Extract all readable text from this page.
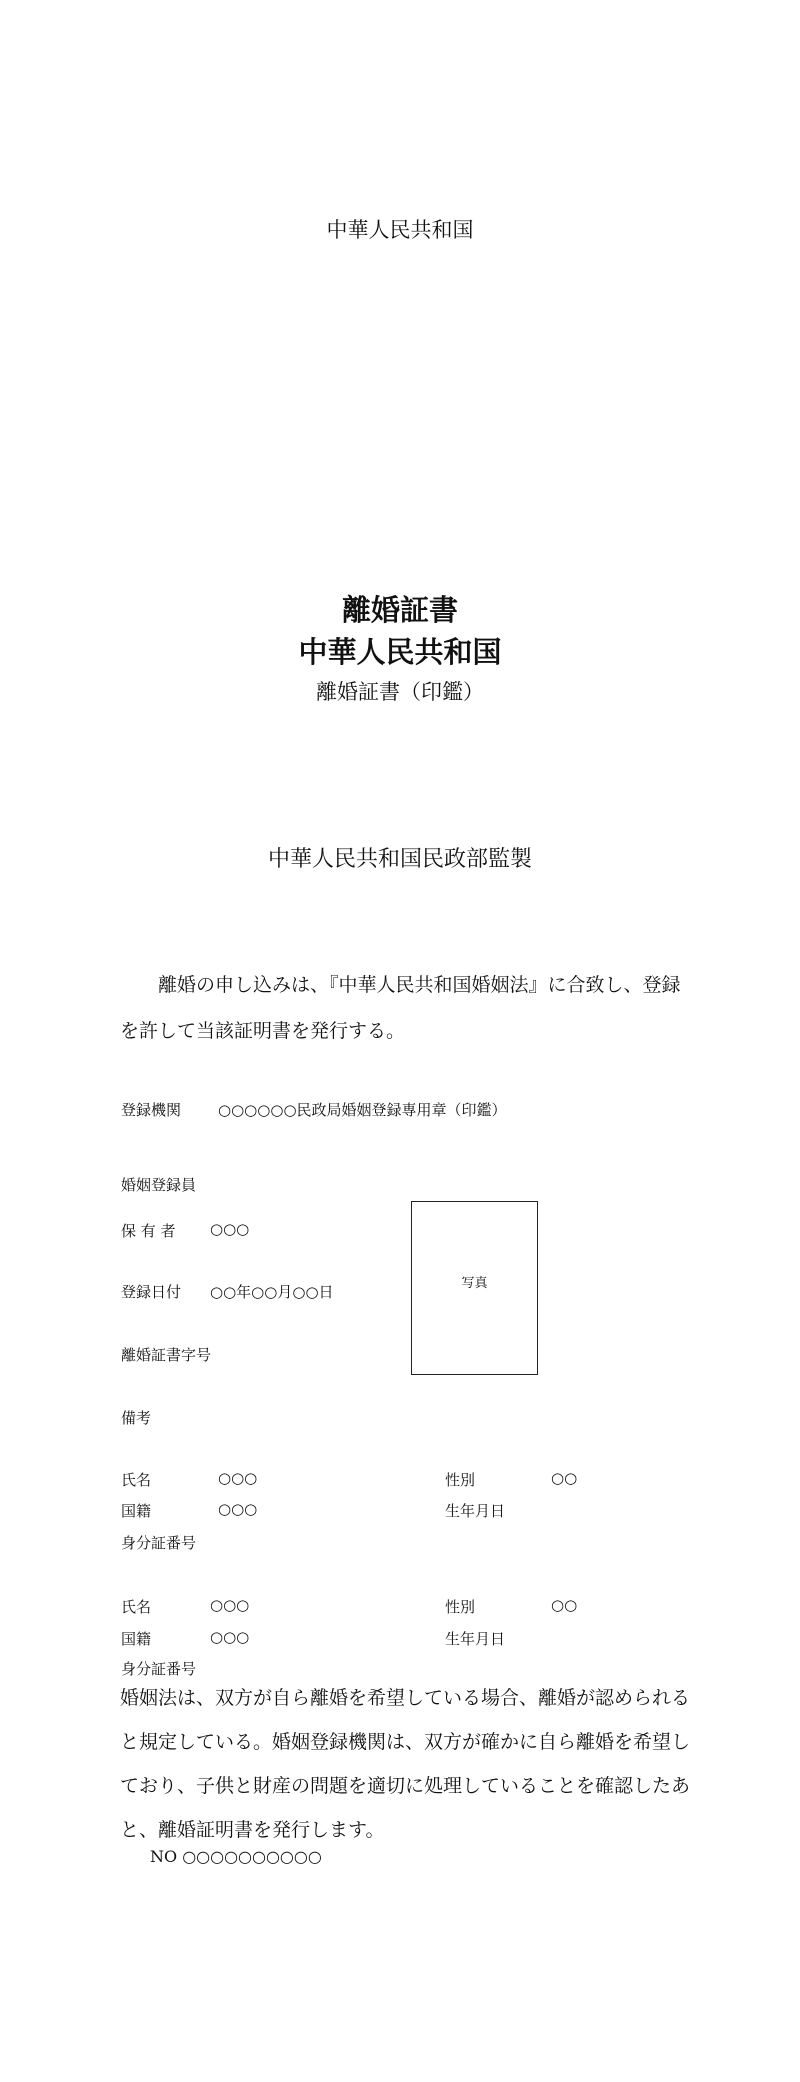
中華人民共和国
離婚証書
中華人民共和国
離婚証書（印鑑）
中華人民共和国民政部監製
離婚の申し込みは、『中華人民共和国婚姻法』に合致し、登録を許して当該証明書を発行する。
登録機関 ○○○○○○民政局婚姻登録専用章（印鑑）
婚姻登録員
保 有 者 ○○○
登録日付 ○○年○○月○○日
離婚証書字号
備考
写真
氏名	○○○	性別	○○
国籍	○○○	生年月日
身分証番号
氏名	○○○	性別	○○
国籍	○○○	生年月日
身分証番号
婚姻法は、双方が自ら離婚を希望している場合、離婚が認められると規定している。婚姻登録機関は、双方が確かに自ら離婚を希望しており、子供と財産の問題を適切に処理していることを確認したあと、離婚証明書を発行します。
NO ○○○○○○○○○○
